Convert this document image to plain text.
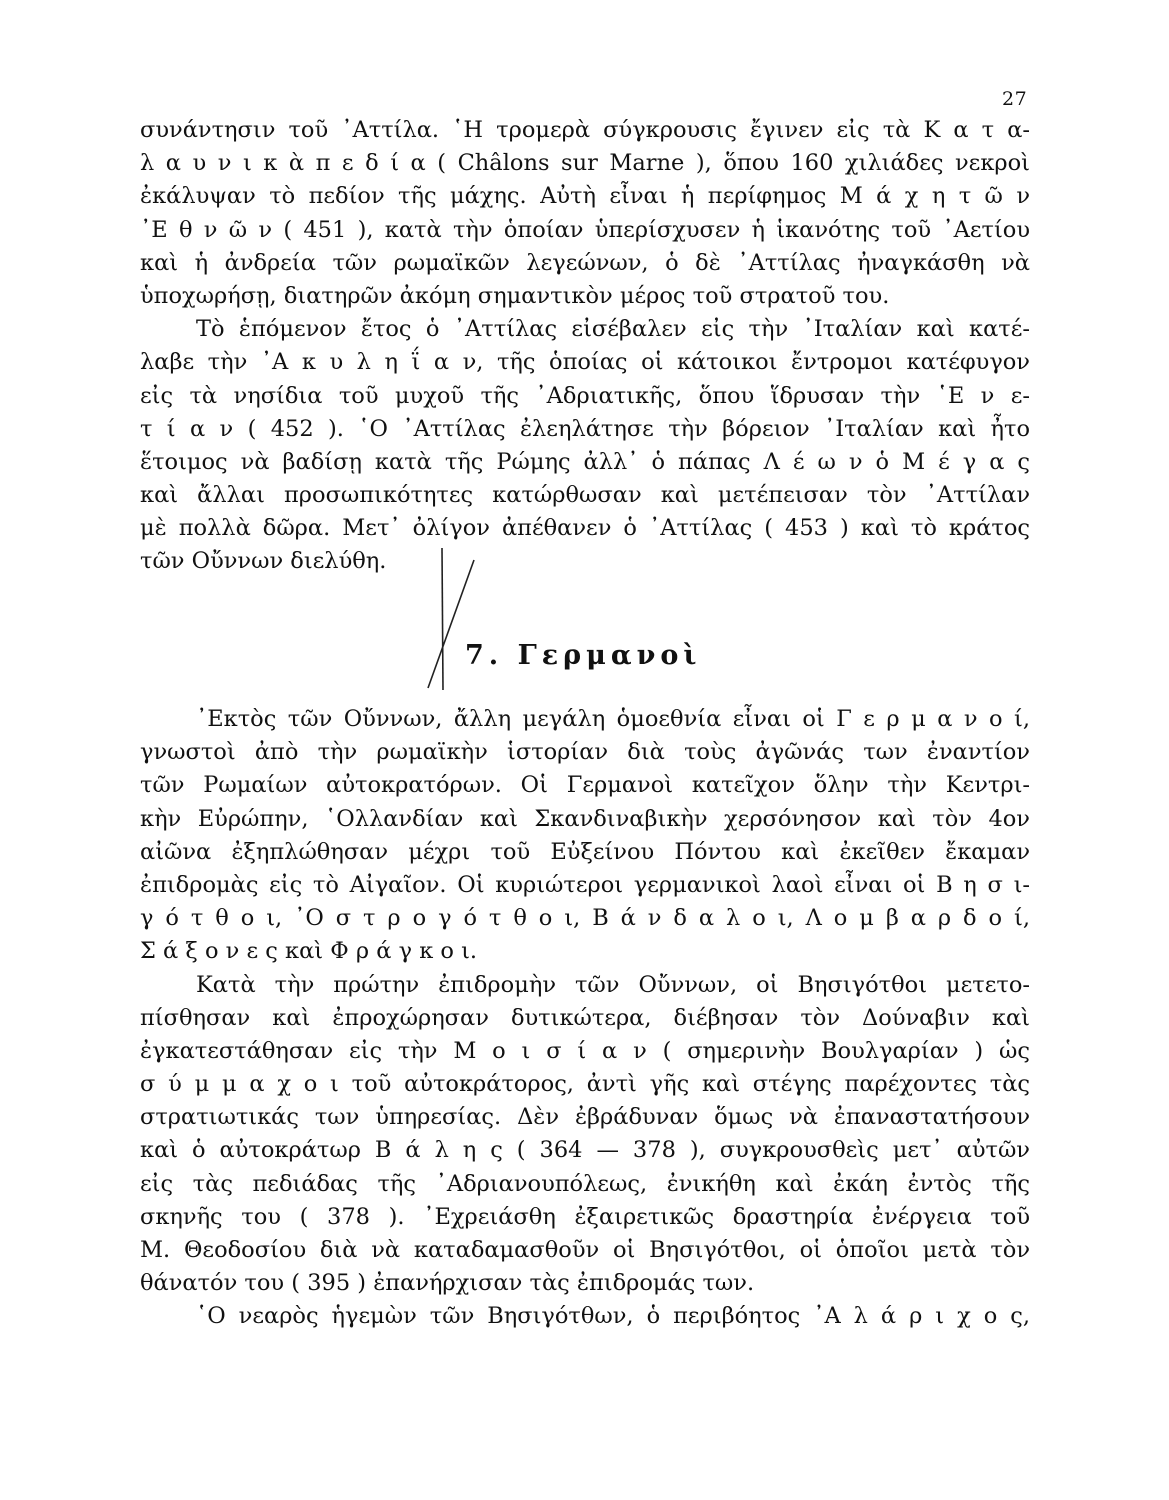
27
συνάντησιν τοῦ ᾿Αττίλα. ῾Η τρομερὰ σύγκρουσις ἔγινεν εἰς τὰ Κ α τ α-
λ α υ ν ι κ ὰ π ε δ ί α ( Châlons sur Marne ), ὅπου 160 χιλιάδες νεκροὶ
ἐκάλυψαν τὸ πεδίον τῆς μάχης. Αὐτὴ εἶναι ἡ περίφημος Μ ά χ η τ ῶ ν
᾿Ε θ ν ῶ ν ( 451 ), κατὰ τὴν ὁποίαν ὑπερίσχυσεν ἡ ἱκανότης τοῦ ᾿Αετίου
καὶ ἡ ἀνδρεία τῶν ρωμαϊκῶν λεγεώνων, ὁ δὲ ᾿Αττίλας ἠναγκάσθη νὰ
ὑποχωρήσῃ, διατηρῶν ἀκόμη σημαντικὸν μέρος τοῦ στρατοῦ του.
Τὸ ἑπόμενον ἔτος ὁ ᾿Αττίλας εἰσέβαλεν εἰς τὴν ᾿Ιταλίαν καὶ κατέ-
λαβε τὴν ᾿Α κ υ λ η ΐ α ν, τῆς ὁποίας οἱ κάτοικοι ἔντρομοι κατέφυγον
εἰς τὰ νησίδια τοῦ μυχοῦ τῆς ᾿Αδριατικῆς, ὅπου ἵδρυσαν τὴν ῾Ε ν ε-
τ ί α ν ( 452 ). ῾Ο ᾿Αττίλας ἐλεηλάτησε τὴν βόρειον ᾿Ιταλίαν καὶ ἦτο
ἕτοιμος νὰ βαδίσῃ κατὰ τῆς Ρώμης ἀλλ᾿ ὁ πάπας Λ έ ω ν ὁ Μ έ γ α ς
καὶ ἄλλαι προσωπικότητες κατώρθωσαν καὶ μετέπεισαν τὸν ᾿Αττίλαν
μὲ πολλὰ δῶρα. Μετ᾿ ὀλίγον ἀπέθανεν ὁ ᾿Αττίλας ( 453 ) καὶ τὸ κράτος
τῶν Οὔννων διελύθη.
7. Γερμανοὶ
᾿Εκτὸς τῶν Οὔννων, ἄλλη μεγάλη ὁμοεθνία εἶναι οἱ Γ ε ρ μ α ν ο ί,
γνωστοὶ ἀπὸ τὴν ρωμαϊκὴν ἱστορίαν διὰ τοὺς ἀγῶνάς των ἐναντίον
τῶν Ρωμαίων αὐτοκρατόρων. Οἱ Γερμανοὶ κατεῖχον ὅλην τὴν Κεντρι-
κὴν Εὐρώπην, ῾Ολλανδίαν καὶ Σκανδιναβικὴν χερσόνησον καὶ τὸν 4ον
αἰῶνα ἐξηπλώθησαν μέχρι τοῦ Εὐξείνου Πόντου καὶ ἐκεῖθεν ἔκαμαν
ἐπιδρομὰς εἰς τὸ Αἰγαῖον. Οἱ κυριώτεροι γερμανικοὶ λαοὶ εἶναι οἱ Β η σ ι-
γ ό τ θ ο ι, ᾿Ο σ τ ρ ο γ ό τ θ ο ι, Β ά ν δ α λ ο ι, Λ ο μ β α ρ δ ο ί,
Σ ά ξ ο ν ε ς καὶ Φ ρ ά γ κ ο ι.
Κατὰ τὴν πρώτην ἐπιδρομὴν τῶν Οὔννων, οἱ Βησιγότθοι μετετο-
πίσθησαν καὶ ἐπροχώρησαν δυτικώτερα, διέβησαν τὸν Δούναβιν καὶ
ἐγκατεστάθησαν εἰς τὴν Μ ο ι σ ί α ν ( σημερινὴν Βουλγαρίαν ) ὡς
σ ύ μ μ α χ ο ι τοῦ αὐτοκράτορος, ἀντὶ γῆς καὶ στέγης παρέχοντες τὰς
στρατιωτικάς των ὑπηρεσίας. Δὲν ἐβράδυναν ὅμως νὰ ἐπαναστατήσουν
καὶ ὁ αὐτοκράτωρ Β ά λ η ς ( 364 — 378 ), συγκρουσθεὶς μετ᾿ αὐτῶν
εἰς τὰς πεδιάδας τῆς ᾿Αδριανουπόλεως, ἐνικήθη καὶ ἐκάη ἐντὸς τῆς
σκηνῆς του ( 378 ). ᾿Εχρειάσθη ἐξαιρετικῶς δραστηρία ἐνέργεια τοῦ
Μ. Θεοδοσίου διὰ νὰ καταδαμασθοῦν οἱ Βησιγότθοι, οἱ ὁποῖοι μετὰ τὸν
θάνατόν του ( 395 ) ἐπανήρχισαν τὰς ἐπιδρομάς των.
῾Ο νεαρὸς ἡγεμὼν τῶν Βησιγότθων, ὁ περιβόητος ᾿Α λ ά ρ ι χ ο ς,
